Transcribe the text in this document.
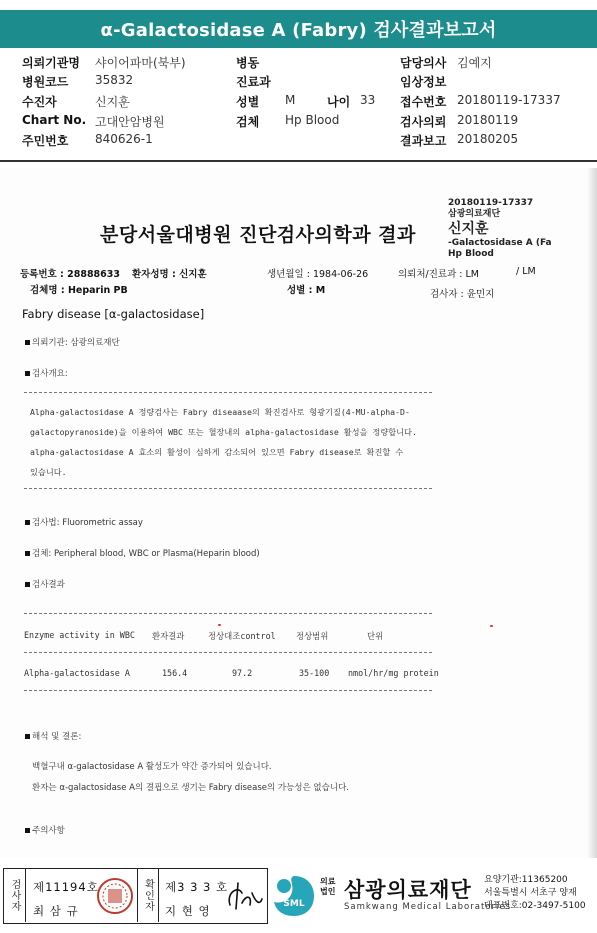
α-Galactosidase A (Fabry) 검사결과보고서
의뢰기관명 샤이어파마(북부)	병동	담당의사 김예지
병원코드 35832	진료과	임상정보
수진자	신지훈	성별 M	나이 33 접수번호 20180119-17337
Chart No. 고대안암병원	검체 Hp Blood	검사의뢰 20180119
주민번호 840626-1	결과보고 20180205
20180119-17337
삼광의료재단
신지훈
-Galactosidase A (Fa
Hp Blood
분당서울대병원 진단검사의학과 결과
등록번호 : 28888633 환자성명 : 신지훈	생년월일 : 1984-06-26	의뢰처/진료과 : LM	/ LM
검체명 : Heparin PB	성별 : M	검사자 : 윤민지
Fabry disease [α-galactosidase]
의뢰기관: 삼광의료재단
검사개요:
Alpha-galactosidase A 정량검사는 Fabry diseaase의 확진검사로 형광기질(4-MU-alpha-D-
galactopyranoside)을 이용하여 WBC 또는 혈장내의 alpha-galactosidase 활성을 정량합니다.
alpha-galactosidase A 효소의 활성이 심하게 감소되어 있으면 Fabry disease로 확진할 수
있습니다.
검사법: Fluorometric assay
검체: Peripheral blood, WBC or Plasma(Heparin blood)
검사결과
Enzyme activity in WBC 환자결과	정상대조control 정상범위	단위
Alpha-galactosidase A	156.4	97.2	35-100 nmol/hr/mg protein
해석 및 결론:
백혈구내 α-galactosidase A 활성도가 약간 증가되어 있습니다.
환자는 α-galactosidase A의 결핍으로 생기는 Fabry disease의 가능성은 없습니다.
주의사항
검사자 제11194호
최 삼 규	확인자 제3 3 3 호
지 현 영	SML
의료
법인 삼광의료재단
Samkwang Medical Laboratories
요양기관:11365200
서울특별시 서초구 양재
대표번호:02-3497-5100
